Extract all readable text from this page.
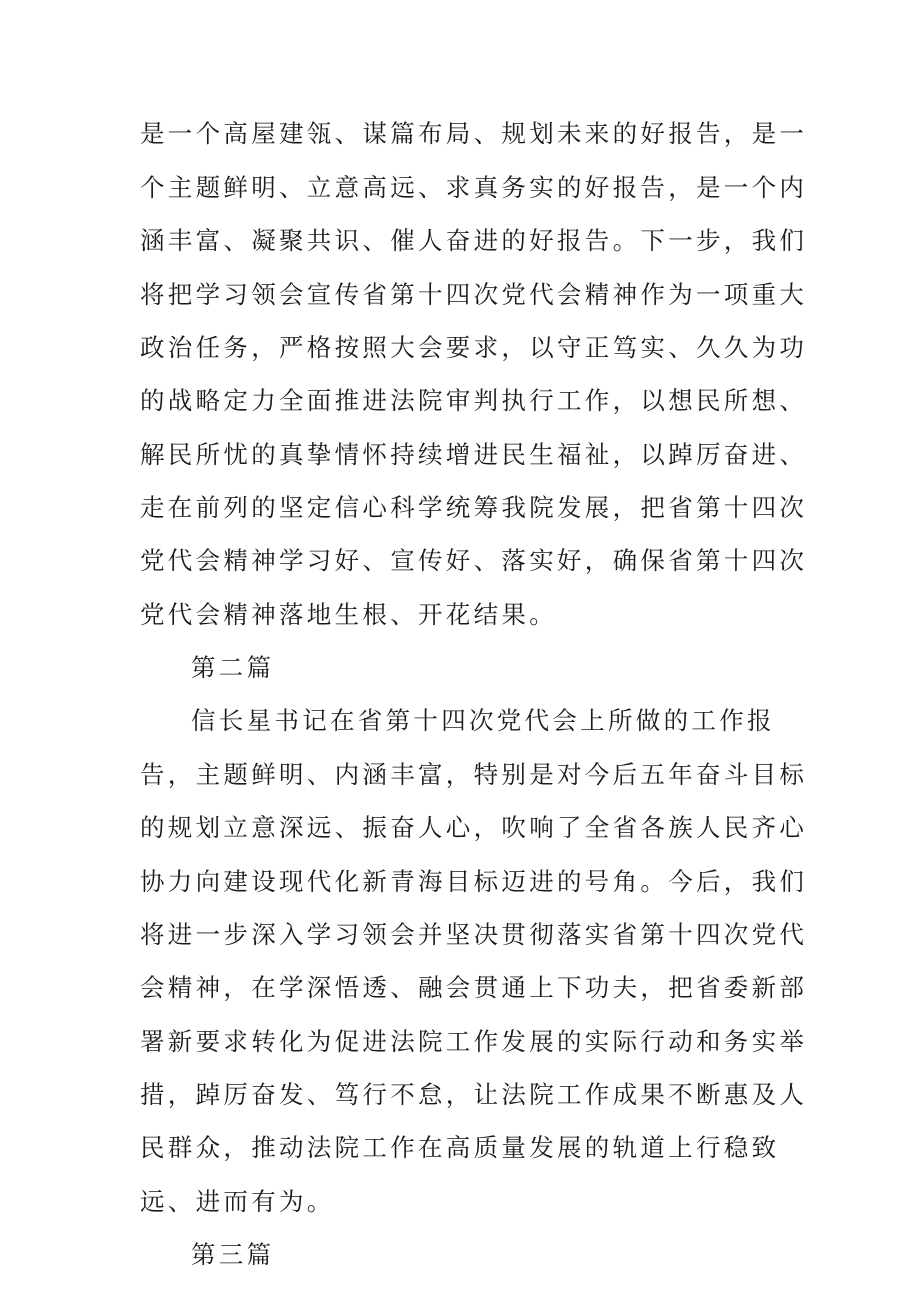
是一个高屋建瓴、谋篇布局、规划未来的好报告，是一
个主题鲜明、立意高远、求真务实的好报告，是一个内
涵丰富、凝聚共识、催人奋进的好报告。下一步，我们
将把学习领会宣传省第十四次党代会精神作为一项重大
政治任务，严格按照大会要求，以守正笃实、久久为功
的战略定力全面推进法院审判执行工作，以想民所想、
解民所忧的真挚情怀持续增进民生福祉，以踔厉奋进、
走在前列的坚定信心科学统筹我院发展，把省第十四次
党代会精神学习好、宣传好、落实好，确保省第十四次
党代会精神落地生根、开花结果。
第二篇
信长星书记在省第十四次党代会上所做的工作报
告，主题鲜明、内涵丰富，特别是对今后五年奋斗目标
的规划立意深远、振奋人心，吹响了全省各族人民齐心
协力向建设现代化新青海目标迈进的号角。今后，我们
将进一步深入学习领会并坚决贯彻落实省第十四次党代
会精神，在学深悟透、融会贯通上下功夫，把省委新部
署新要求转化为促进法院工作发展的实际行动和务实举
措，踔厉奋发、笃行不怠，让法院工作成果不断惠及人
民群众，推动法院工作在高质量发展的轨道上行稳致
远、进而有为。
第三篇
